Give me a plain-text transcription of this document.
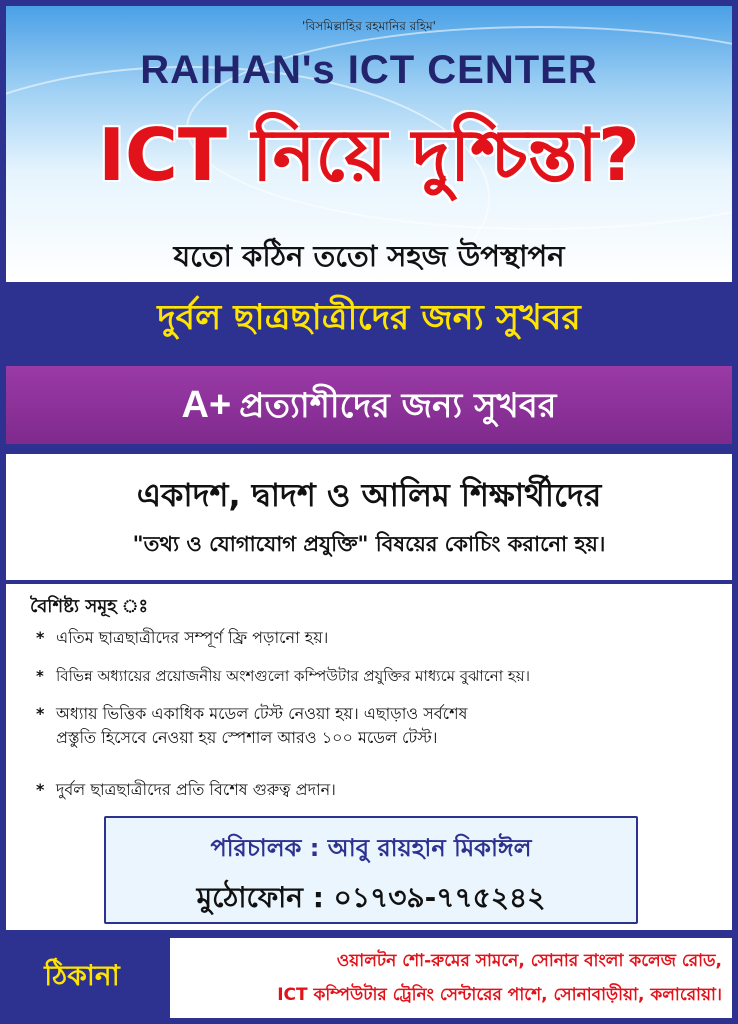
'বিসমিল্লাহির রহমানির রহিম'
RAIHAN's ICT CENTER
ICT নিয়ে দুশ্চিন্তা?
যতো কঠিন ততো সহজ উপস্থাপন
দুর্বল ছাত্রছাত্রীদের জন্য সুখবর
A+ প্রত্যাশীদের জন্য সুখবর
একাদশ, দ্বাদশ ও আলিম শিক্ষার্থীদের
"তথ্য ও যোগাযোগ প্রযুক্তি" বিষয়ের কোচিং করানো হয়।
বৈশিষ্ট্য সমূহ ঃ
* এতিম ছাত্রছাত্রীদের সম্পূর্ণ ফ্রি পড়ানো হয়।
* বিভিন্ন অধ্যায়ের প্রয়োজনীয় অংশগুলো কম্পিউটার প্রযুক্তির মাধ্যমে বুঝানো হয়।
* অধ্যায় ভিত্তিক একাধিক মডেল টেস্ট নেওয়া হয়। এছাড়াও সর্বশেষ
প্রস্তুতি হিসেবে নেওয়া হয় স্পেশাল আরও ১০০ মডেল টেস্ট।
* দুর্বল ছাত্রছাত্রীদের প্রতি বিশেষ গুরুত্ব প্রদান।
পরিচালক : আবু রায়হান মিকাঈল
মুঠোফোন : ০১৭৩৯-৭৭৫২৪২
ঠিকানা	ওয়ালটন শো-রুমের সামনে, সোনার বাংলা কলেজ রোড,
ICT কম্পিউটার ট্রেনিং সেন্টারের পাশে, সোনাবাড়ীয়া, কলারোয়া।
